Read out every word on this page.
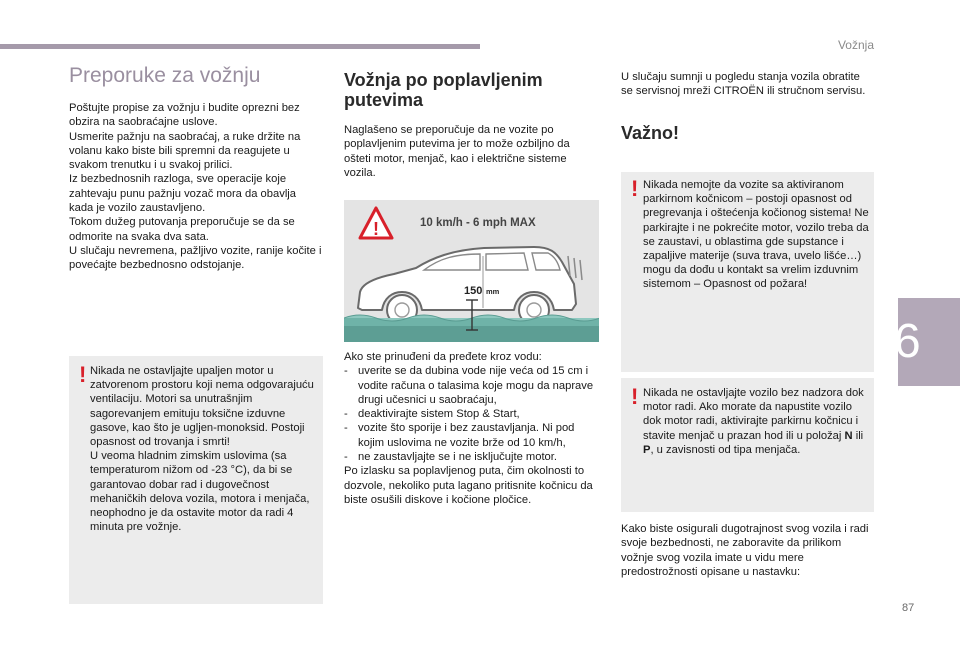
Vožnja
6
87
Preporuke za vožnju

Poštujte propise za vožnju i budite oprezni bez obzira na saobraćajne uslove.

Usmerite pažnju na saobraćaj, a ruke držite na volanu kako biste bili spremni da reagujete u svakom trenutku i u svakoj prilici.

Iz bezbednosnih razloga, sve operacije koje zahtevaju punu pažnju vozač mora da obavlja kada je vozilo zaustavljeno.

Tokom dužeg putovanja preporučuje se da se odmorite na svaka dva sata.

U slučaju nevremena, pažljivo vozite, ranije kočite i povećajte bezbednosno odstojanje.

! Nikada ne ostavljajte upaljen motor u zatvorenom prostoru koji nema odgovarajuću ventilaciju. Motori sa unutrašnjim sagorevanjem emituju toksične izduvne gasove, kao što je ugljen-monoksid. Postoji opasnost od trovanja i smrti!

U veoma hladnim zimskim uslovima (sa temperaturom nižom od -23 °C), da bi se garantovao dobar rad i dugovečnost mehaničkih delova vozila, motora i menjača, neophodno je da ostavite motor da radi 4 minuta pre vožnje.

Vožnja po poplavljenim putevima

Naglašeno se preporučuje da ne vozite po poplavljenim putevima jer to može ozbiljno da ošteti motor, menjač, kao i električne sisteme vozila.

!	10 km/h - 6 mph MAX
150 mm

Ako ste prinuđeni da pređete kroz vodu:

- uverite se da dubina vode nije veća od 15 cm i vodite računa o talasima koje mogu da naprave drugi učesnici u saobraćaju,
- deaktivirajte sistem Stop & Start,
- vozite što sporije i bez zaustavljanja. Ni pod kojim uslovima ne vozite brže od 10 km/h,
- ne zaustavljajte se i ne isključujte motor.

Po izlasku sa poplavljenog puta, čim okolnosti to dozvole, nekoliko puta lagano pritisnite kočnicu da biste osušili diskove i kočione pločice.

U slučaju sumnji u pogledu stanja vozila obratite se servisnoj mreži CITROËN ili stručnom servisu.

Važno!
! Nikada nemojte da vozite sa aktiviranom parkirnom kočnicom – postoji opasnost od pregrevanja i oštećenja kočionog sistema! Ne parkirajte i ne pokrećite motor, vozilo treba da se zaustavi, u oblastima gde supstance i zapaljive materije (suva trava, uvelo lišće…) mogu da dođu u kontakt sa vrelim izduvnim sistemom – Opasnost od požara!

! Nikada ne ostavljajte vozilo bez nadzora dok motor radi. Ako morate da napustite vozilo dok motor radi, aktivirajte parkirnu kočnicu i stavite menjač u prazan hod ili u položaj N ili P, u zavisnosti od tipa menjača.

Kako biste osigurali dugotrajnost svog vozila i radi svoje bezbednosti, ne zaboravite da prilikom vožnje svog vozila imate u vidu mere predostrožnosti opisane u nastavku:
